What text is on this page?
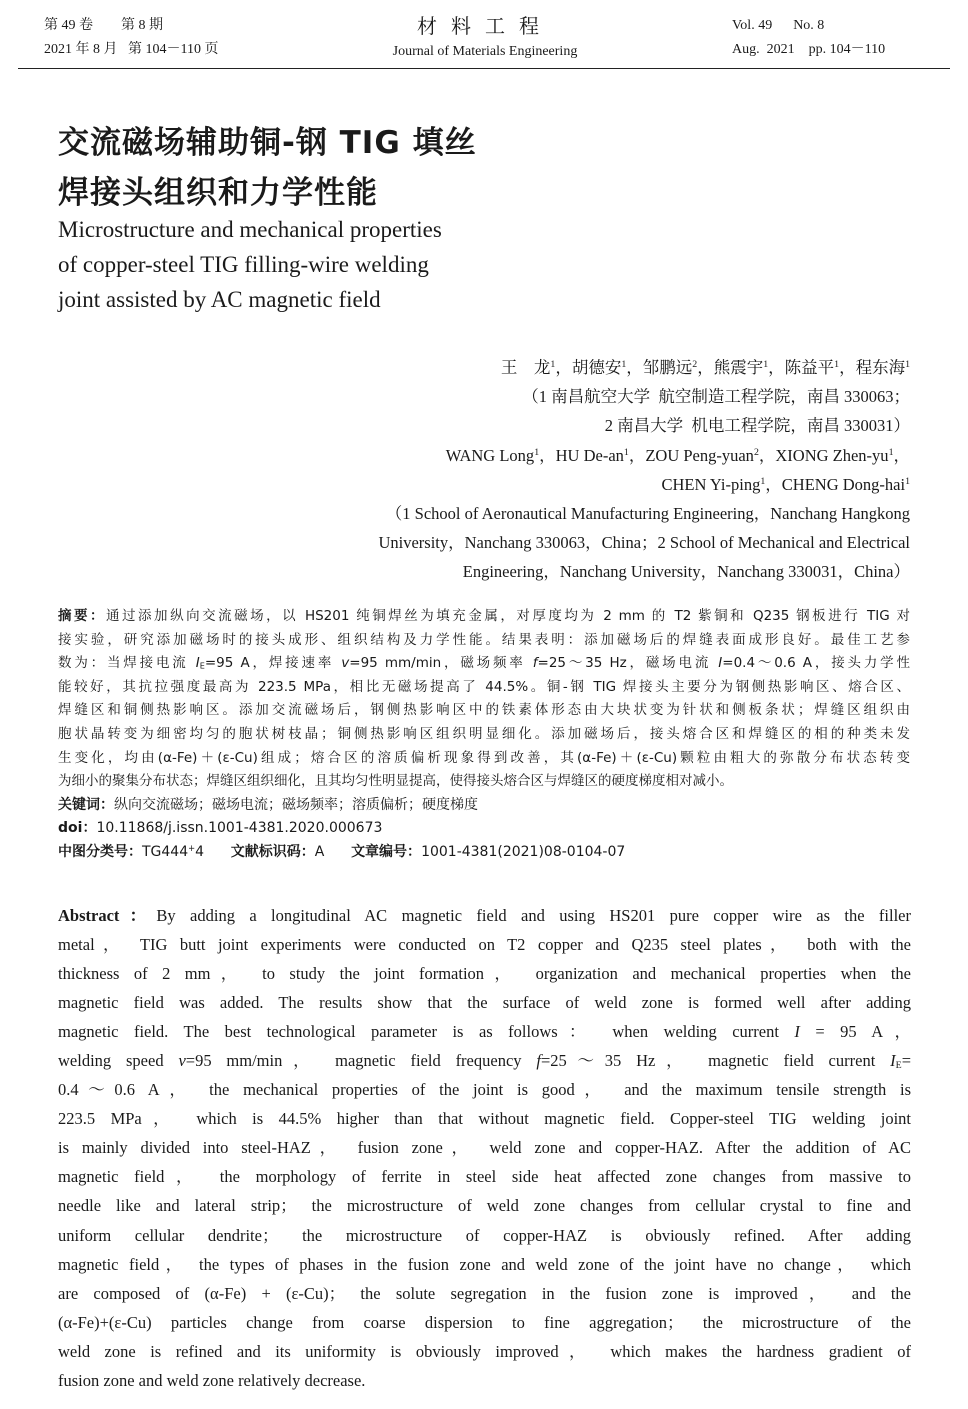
第 49 卷        第 8 期
2021 年 8 月   第 104－110 页
材料工程
Journal of Materials Engineering
Vol. 49      No. 8
Aug.  2021    pp. 104－110
交流磁场辅助铜-钢 TIG 填丝
焊接头组织和力学性能
Microstructure and mechanical properties
of copper-steel TIG filling-wire welding
joint assisted by AC magnetic field
王　龙$^1$，胡德安$^1$，邹鹏远$^2$，熊震宇$^1$，陈益平$^1$，程东海$^1$
（1 南昌航空大学  航空制造工程学院，南昌 330063；
2 南昌大学  机电工程学院，南昌 330031）
WANG Long$^1$，HU $De-an^1$，ZOU Peng-yuan$^2$，XIONG Zhen-$yu^1$，
CHEN Yi-ping$^1$，CHENG Dong-hai$^1$
（1 School of Aeronautical Manufacturing Engineering，Nanchang Hangkong
University，Nanchang 330063，China；2 School of Mechanical and Electrical
Engineering，Nanchang University，Nanchang 330031，China）
摘要：通过添加纵向交流磁场，以 HS201 纯铜焊丝为填充金属，对厚度均为 2 mm 的 T2 紫铜和 Q235 钢板进行 TIG 对
接实验，研究添加磁场时的接头成形、组织结构及力学性能。结果表明：添加磁场后的焊缝表面成形良好。最佳工艺参
数为：当焊接电流 $I_E=95$ A，焊接速率 v=95 mm/min，磁场频率 f=25～35 Hz，磁场电流 I=0.4～0.6 A，接头力学性
能较好，其抗拉强度最高为 223.5 MPa，相比无磁场提高了 44.5%。铜-钢 TIG 焊接头主要分为钢侧热影响区、熔合区、
焊缝区和铜侧热影响区。添加交流磁场后，钢侧热影响区中的铁素体形态由大块状变为针状和侧板条状；焊缝区组织由
胞状晶转变为细密均匀的胞状树枝晶；铜侧热影响区组织明显细化。添加磁场后，接头熔合区和焊缝区的相的种类未发
生变化，均由(α-Fe)＋(ε-Cu)组成；熔合区的溶质偏析现象得到改善，其(α-Fe)＋(ε-Cu)颗粒由粗大的弥散分布状态转变
为细小的聚集分布状态；焊缝区组织细化，且其均匀性明显提高，使得接头熔合区与焊缝区的硬度梯度相对减小。
关键词：纵向交流磁场；磁场电流；磁场频率；溶质偏析；硬度梯度
doi：10.11868/j.issn.1001-4381.2020.000673
中图分类号：TG444+4 文献标识码：A 文章编号：1001-4381(2021)08-0104-07
Abstract：By adding a longitudinal AC magnetic field and using HS201 pure copper wire as the filler
metal， TIG butt joint experiments were conducted on T2 copper and Q235 steel plates， both with the
thickness of 2 mm， to study the joint formation， organization and mechanical properties when the
magnetic field was added. The results show that the surface of weld zone is formed well after adding
magnetic field. The best technological parameter is as follows： when welding current I = 95 A，
welding speed v=95 mm/min， magnetic field frequency f=25～35 Hz， magnetic field current $I_E=$
0.4～0.6 A， the mechanical properties of the joint is good， and the maximum tensile strength is
223.5 MPa， which is 44.5% higher than that without magnetic field. Copper-steel TIG welding joint
is mainly divided into steel-HAZ， fusion zone， weld zone and copper-HAZ. After the addition of AC
magnetic field， the morphology of ferrite in steel side heat affected zone changes from massive to
needle like and lateral strip； the microstructure of weld zone changes from cellular crystal to fine and
uniform cellular dendrite； the microstructure of copper-HAZ is obviously refined. After adding
magnetic field， the types of phases in the fusion zone and weld zone of the joint have no change， which
are composed of (α-Fe) + (ε-Cu)； the solute segregation in the fusion zone is improved， and the
(α-Fe)+(ε-Cu) particles change from coarse dispersion to fine aggregation； the microstructure of the
weld zone is refined and its uniformity is obviously improved， which makes the hardness gradient of
fusion zone and weld zone relatively decrease.
